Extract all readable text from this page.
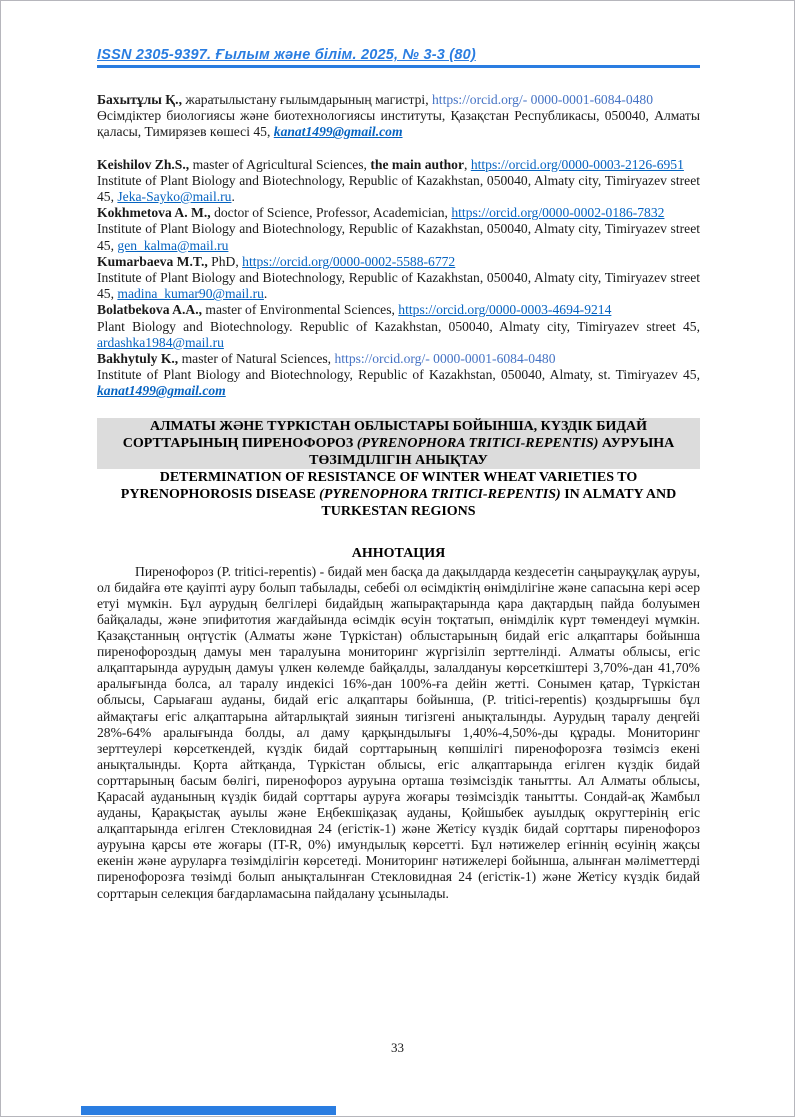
ISSN 2305-9397. Ғылым және білім. 2025, № 3-3 (80)
Бахытұлы Қ., жаратылыстану ғылымдарының магистрі, https://orcid.org/- 0000-0001-6084-0480
Өсімдіктер биологиясы және биотехнологиясы институты, Қазақстан Республикасы, 050040, Алматы қаласы, Тимирязев көшесі 45, kanat1499@gmail.com
Keishilov Zh.S., master of Agricultural Sciences, the main author, https://orcid.org/0000-0003-2126-6951
Institute of Plant Biology and Biotechnology, Republic of Kazakhstan, 050040, Almaty city, Timiryazev street 45, Jeka-Sayko@mail.ru.
Kokhmetova A. M., doctor of Science, Professor, Academician, https://orcid.org/0000-0002-0186-7832
Institute of Plant Biology and Biotechnology, Republic of Kazakhstan, 050040, Almaty city, Timiryazev street 45, gen_kalma@mail.ru
Kumarbaeva M.T., PhD, https://orcid.org/0000-0002-5588-6772
Institute of Plant Biology and Biotechnology, Republic of Kazakhstan, 050040, Almaty city, Timiryazev street 45, madina_kumar90@mail.ru.
Bolatbekova A.A., master of Environmental Sciences, https://orcid.org/0000-0003-4694-9214
Plant Biology and Biotechnology. Republic of Kazakhstan, 050040, Almaty city, Timiryazev street 45, ardashka1984@mail.ru
Bakhytuly K., master of Natural Sciences, https://orcid.org/- 0000-0001-6084-0480
Institute of Plant Biology and Biotechnology, Republic of Kazakhstan, 050040, Almaty, st. Timiryazev 45, kanat1499@gmail.com
АЛМАТЫ ЖӘНЕ ТҮРКІСТАН ОБЛЫСТАРЫ БОЙЫНША, КҮЗДІК БИДАЙ СОРТТАРЫНЫҢ ПИРЕНОФОРОЗ (PYRENOPHORA TRITICI-REPENTIS) АУРУЫНА ТӨЗІМДІЛІГІН АНЫҚТАУ
DETERMINATION OF RESISTANCE OF WINTER WHEAT VARIETIES TO PYRENOPHOROSIS DISEASE (PYRENOPHORA TRITICI-REPENTIS) IN ALMATY AND TURKESTAN REGIONS
АННОТАЦИЯ
Пиренофороз (P. tritici-repentis) - бидай мен басқа да дақылдарда кездесетін саңырауқұлақ ауруы, ол бидайға өте қауіпті ауру болып табылады, себебі ол өсімдіктің өнімділігіне және сапасына кері әсер етуі мүмкін. Бұл аурудың белгілері бидайдың жапырақтарында қара дақтардың пайда болуымен байқалады, және эпифитотия жағдайында өсімдік өсуін тоқтатып, өнімділік күрт төмендеуі мүмкін. Қазақстанның оңтүстік (Алматы және Түркістан) облыстарының бидай егіс алқаптары бойынша пиренофороздың дамуы мен таралуына мониторинг жүргізіліп зерттелінді. Алматы облысы, егіс алқаптарында аурудың дамуы үлкен көлемде байқалды, залалдануы көрсеткіштері 3,70%-дан 41,70% аралығында болса, ал таралу индекісі 16%-дан 100%-ға дейін жетті. Сонымен қатар, Түркістан облысы, Сарыағаш ауданы, бидай егіс алқаптары бойынша, (P. tritici-repentis) қоздырғышы бұл аймақтағы егіс алқаптарына айтарлықтай зиянын тигізгені анықталынды. Аурудың таралу деңгейі 28%-64% аралығында болды, ал даму қарқындылығы 1,40%-4,50%-ды құрады. Мониторинг зерттеулері көрсеткендей, күздік бидай сорттарының көпшілігі пиренофорозға төзімсіз екені анықталынды. Қорта айтқанда, Түркістан облысы, егіс алқаптарында егілген күздік бидай сорттарының басым бөлігі, пиренофороз ауруына орташа төзімсіздік танытты. Ал Алматы облысы, Қарасай ауданының күздік бидай сорттары ауруға жоғары төзімсіздік танытты. Сондай-ақ Жамбыл ауданы, Қарақыстақ ауылы және Еңбекшіқазақ ауданы, Қойшыбек ауылдық округтерінің егіс алқаптарында егілген Стекловидная 24 (егістік-1) және Жетісу күздік бидай сорттары пиренофороз ауруына қарсы өте жоғары (IT-R, 0%) имундылық көрсетті. Бұл нәтижелер егіннің өсуінің жақсы екенін және ауруларға төзімділігін көрсетеді. Мониторинг нәтижелері бойынша, алынған мәліметтерді пиренофорозға төзімді болып анықталынған Стекловидная 24 (егістік-1) және Жетісу күздік бидай сорттарын селекция бағдарламасына пайдалану ұсынылады.
33
